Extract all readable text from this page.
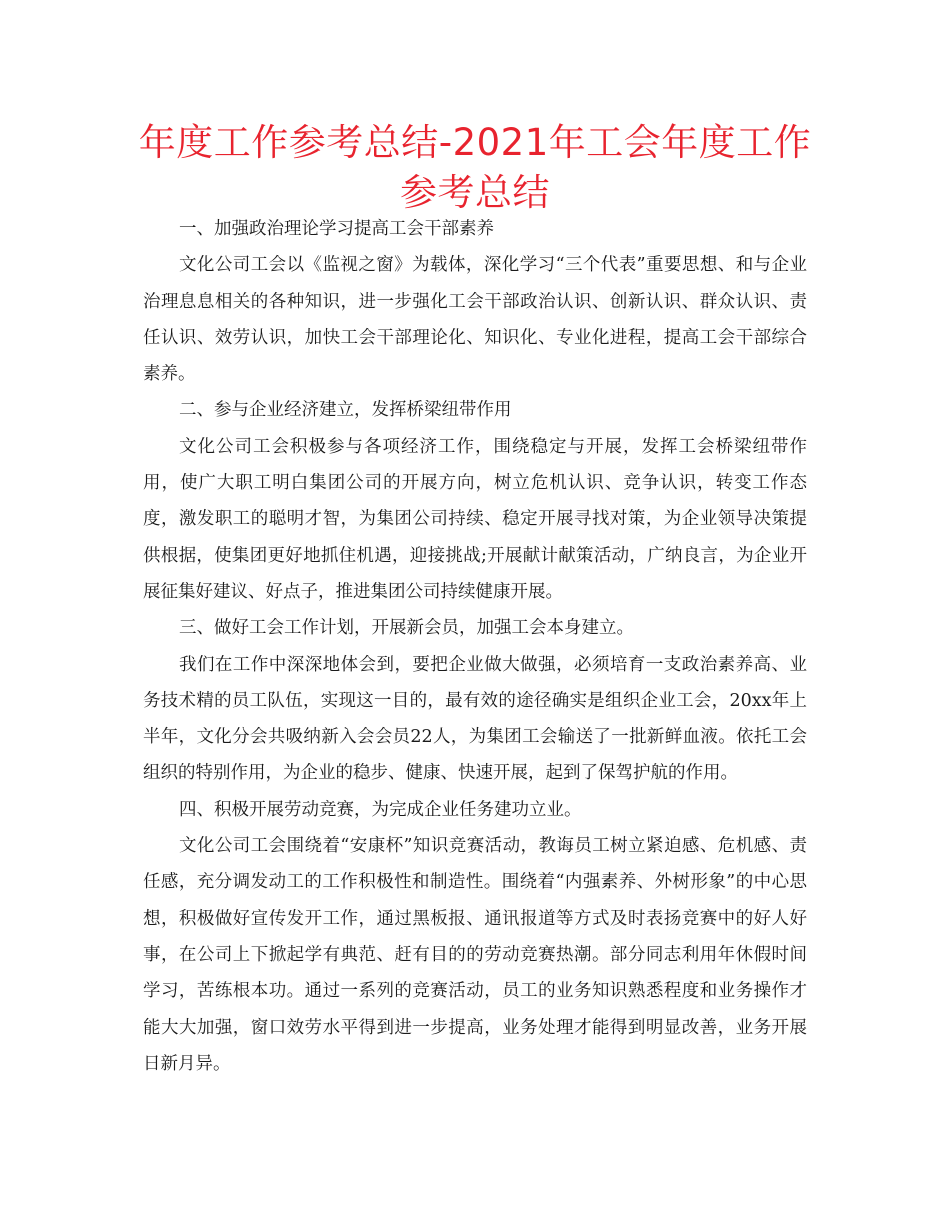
年度工作参考总结-2021年工会年度工作参考总结

一、加强政治理论学习提高工会干部素养

文化公司工会以《监视之窗》为载体，深化学习“三个代表”重要思想、和与企业治理息息相关的各种知识，进一步强化工会干部政治认识、创新认识、群众认识、责任认识、效劳认识，加快工会干部理论化、知识化、专业化进程，提高工会干部综合素养。

二、参与企业经济建立，发挥桥梁纽带作用

文化公司工会积极参与各项经济工作，围绕稳定与开展，发挥工会桥梁纽带作用，使广大职工明白集团公司的开展方向，树立危机认识、竞争认识，转变工作态度，激发职工的聪明才智，为集团公司持续、稳定开展寻找对策，为企业领导决策提供根据，使集团更好地抓住机遇，迎接挑战;开展献计献策活动，广纳良言，为企业开展征集好建议、好点子，推进集团公司持续健康开展。

三、做好工会工作计划，开展新会员，加强工会本身建立。

我们在工作中深深地体会到，要把企业做大做强，必须培育一支政治素养高、业务技术精的员工队伍，实现这一目的，最有效的途径确实是组织企业工会，20xx年上半年，文化分会共吸纳新入会会员22人，为集团工会输送了一批新鲜血液。依托工会组织的特别作用，为企业的稳步、健康、快速开展，起到了保驾护航的作用。

四、积极开展劳动竞赛，为完成企业任务建功立业。

文化公司工会围绕着“安康杯”知识竞赛活动，教诲员工树立紧迫感、危机感、责任感，充分调发动工的工作积极性和制造性。围绕着“内强素养、外树形象”的中心思想，积极做好宣传发开工作，通过黑板报、通讯报道等方式及时表扬竞赛中的好人好事，在公司上下掀起学有典范、赶有目的的劳动竞赛热潮。部分同志利用年休假时间学习，苦练根本功。通过一系列的竞赛活动，员工的业务知识熟悉程度和业务操作才能大大加强，窗口效劳水平得到进一步提高，业务处理才能得到明显改善，业务开展日新月异。
